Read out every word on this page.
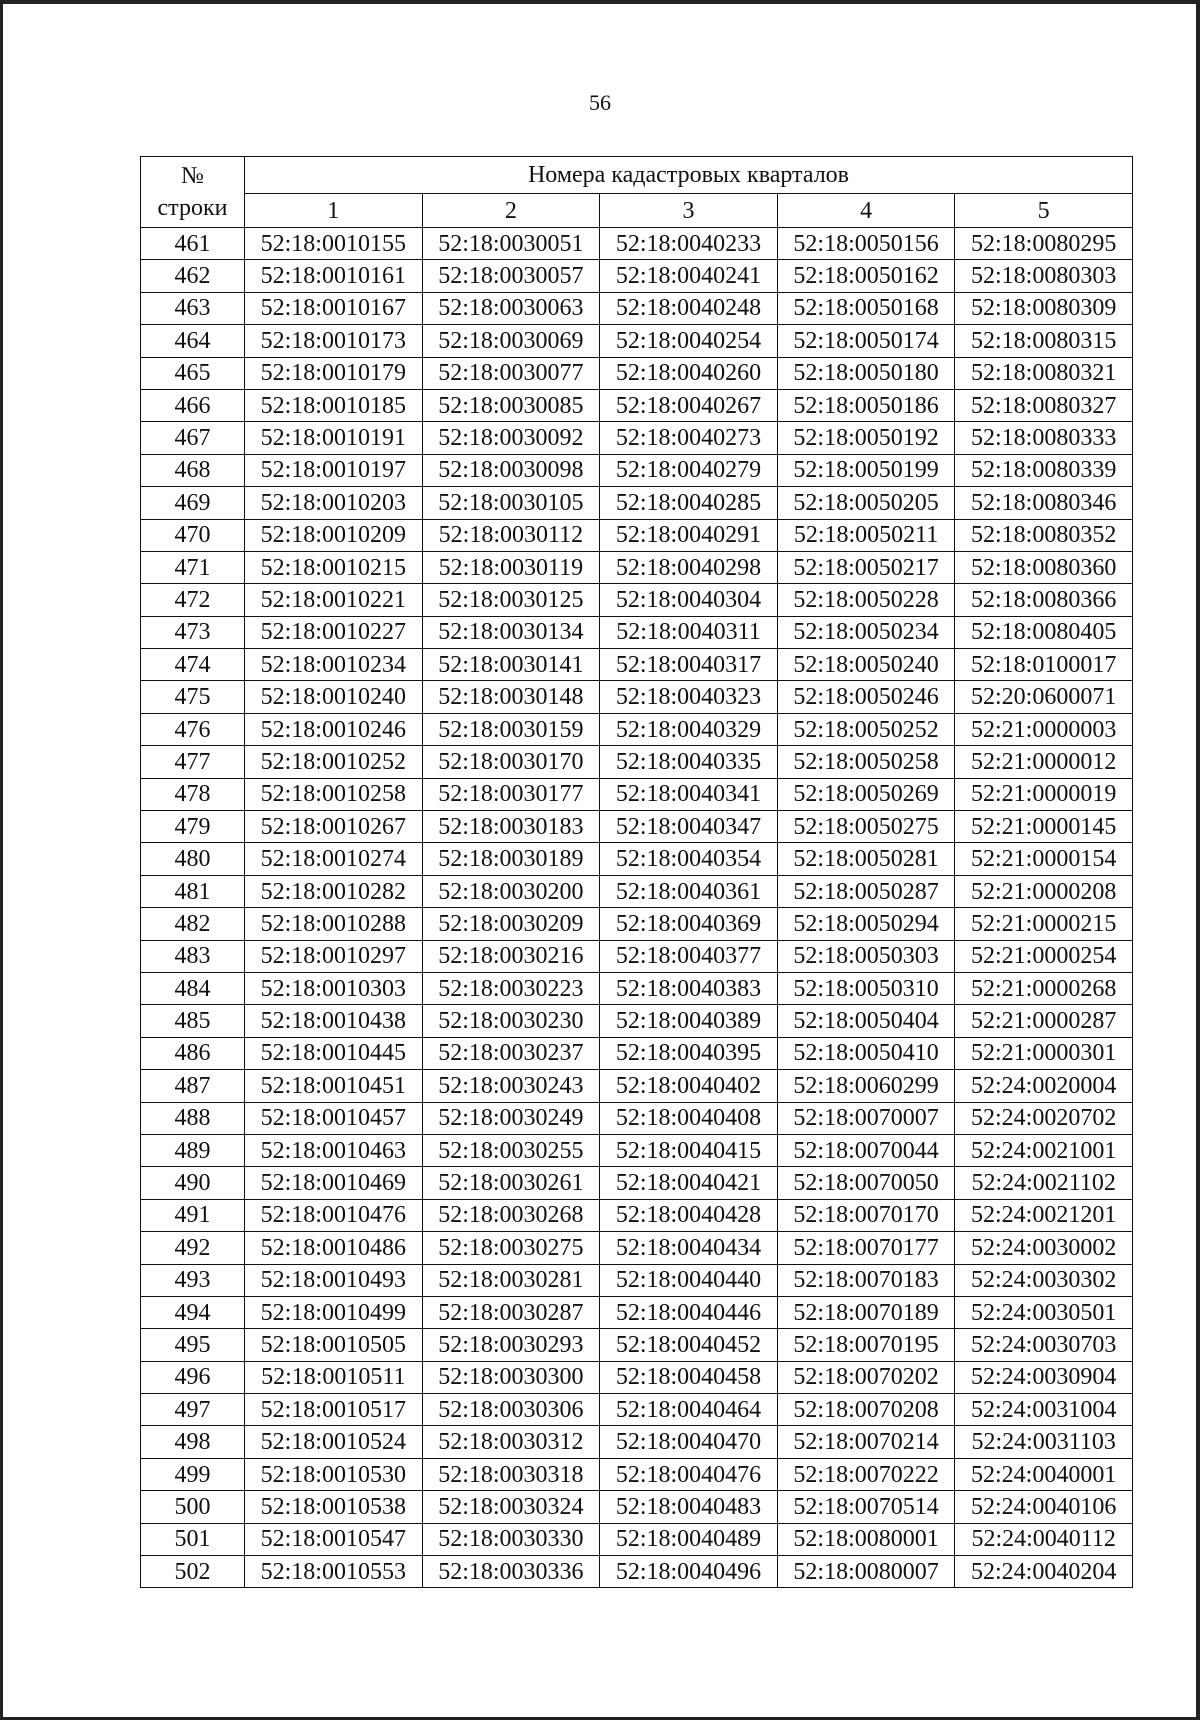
56
№
строки	Номера кадастровых кварталов				
	1	2	3	4	5
461	52:18:0010155	52:18:0030051	52:18:0040233	52:18:0050156	52:18:0080295
462	52:18:0010161	52:18:0030057	52:18:0040241	52:18:0050162	52:18:0080303
463	52:18:0010167	52:18:0030063	52:18:0040248	52:18:0050168	52:18:0080309
464	52:18:0010173	52:18:0030069	52:18:0040254	52:18:0050174	52:18:0080315
465	52:18:0010179	52:18:0030077	52:18:0040260	52:18:0050180	52:18:0080321
466	52:18:0010185	52:18:0030085	52:18:0040267	52:18:0050186	52:18:0080327
467	52:18:0010191	52:18:0030092	52:18:0040273	52:18:0050192	52:18:0080333
468	52:18:0010197	52:18:0030098	52:18:0040279	52:18:0050199	52:18:0080339
469	52:18:0010203	52:18:0030105	52:18:0040285	52:18:0050205	52:18:0080346
470	52:18:0010209	52:18:0030112	52:18:0040291	52:18:0050211	52:18:0080352
471	52:18:0010215	52:18:0030119	52:18:0040298	52:18:0050217	52:18:0080360
472	52:18:0010221	52:18:0030125	52:18:0040304	52:18:0050228	52:18:0080366
473	52:18:0010227	52:18:0030134	52:18:0040311	52:18:0050234	52:18:0080405
474	52:18:0010234	52:18:0030141	52:18:0040317	52:18:0050240	52:18:0100017
475	52:18:0010240	52:18:0030148	52:18:0040323	52:18:0050246	52:20:0600071
476	52:18:0010246	52:18:0030159	52:18:0040329	52:18:0050252	52:21:0000003
477	52:18:0010252	52:18:0030170	52:18:0040335	52:18:0050258	52:21:0000012
478	52:18:0010258	52:18:0030177	52:18:0040341	52:18:0050269	52:21:0000019
479	52:18:0010267	52:18:0030183	52:18:0040347	52:18:0050275	52:21:0000145
480	52:18:0010274	52:18:0030189	52:18:0040354	52:18:0050281	52:21:0000154
481	52:18:0010282	52:18:0030200	52:18:0040361	52:18:0050287	52:21:0000208
482	52:18:0010288	52:18:0030209	52:18:0040369	52:18:0050294	52:21:0000215
483	52:18:0010297	52:18:0030216	52:18:0040377	52:18:0050303	52:21:0000254
484	52:18:0010303	52:18:0030223	52:18:0040383	52:18:0050310	52:21:0000268
485	52:18:0010438	52:18:0030230	52:18:0040389	52:18:0050404	52:21:0000287
486	52:18:0010445	52:18:0030237	52:18:0040395	52:18:0050410	52:21:0000301
487	52:18:0010451	52:18:0030243	52:18:0040402	52:18:0060299	52:24:0020004
488	52:18:0010457	52:18:0030249	52:18:0040408	52:18:0070007	52:24:0020702
489	52:18:0010463	52:18:0030255	52:18:0040415	52:18:0070044	52:24:0021001
490	52:18:0010469	52:18:0030261	52:18:0040421	52:18:0070050	52:24:0021102
491	52:18:0010476	52:18:0030268	52:18:0040428	52:18:0070170	52:24:0021201
492	52:18:0010486	52:18:0030275	52:18:0040434	52:18:0070177	52:24:0030002
493	52:18:0010493	52:18:0030281	52:18:0040440	52:18:0070183	52:24:0030302
494	52:18:0010499	52:18:0030287	52:18:0040446	52:18:0070189	52:24:0030501
495	52:18:0010505	52:18:0030293	52:18:0040452	52:18:0070195	52:24:0030703
496	52:18:0010511	52:18:0030300	52:18:0040458	52:18:0070202	52:24:0030904
497	52:18:0010517	52:18:0030306	52:18:0040464	52:18:0070208	52:24:0031004
498	52:18:0010524	52:18:0030312	52:18:0040470	52:18:0070214	52:24:0031103
499	52:18:0010530	52:18:0030318	52:18:0040476	52:18:0070222	52:24:0040001
500	52:18:0010538	52:18:0030324	52:18:0040483	52:18:0070514	52:24:0040106
501	52:18:0010547	52:18:0030330	52:18:0040489	52:18:0080001	52:24:0040112
502	52:18:0010553	52:18:0030336	52:18:0040496	52:18:0080007	52:24:0040204
